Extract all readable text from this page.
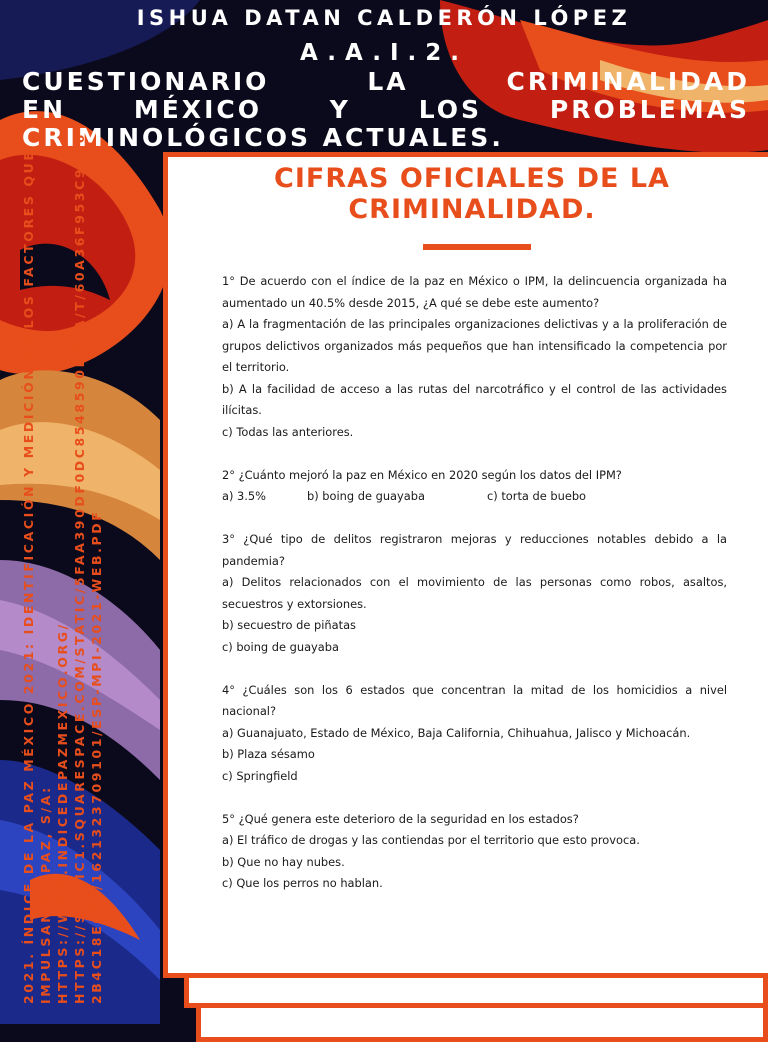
ISHUA DATAN CALDERÓN LÓPEZ
A.A.I.2.
CUESTIONARIO LA CRIMINALIDAD
EN MÉXICO Y LOS PROBLEMAS
CRIMINOLÓGICOS ACTUALES.
2021. ÍNDICE DE LA PAZ MÉXICO 2021: IDENTIFICACIÓN Y MEDICIÓN DE LOS FACTORES QUE IMPULSAN LA PAZ, S/A: HTTPS://WWW.INDICEDEPAZMEXICO.ORG/ HTTPS://STATIC1.SQUARESPACE.COM/STATIC/5FAA390DF0DC8548590D5DA/T/60A36F953C9AF6 2B4C18E6E2/1621323709101/ESP-MPI-2021-WEB.PDF
CIFRAS OFICIALES DE LA
CRIMINALIDAD.

1° De acuerdo con el índice de la paz en México o IPM, la delincuencia organizada ha aumentado un 40.5% desde 2015, ¿A qué se debe este aumento?

a) A la fragmentación de las principales organizaciones delictivas y a la proliferación de grupos delictivos organizados más pequeños que han intensificado la competencia por el territorio.

b) A la facilidad de acceso a las rutas del narcotráfico y el control de las actividades ilícitas.

c) Todas las anteriores.

2° ¿Cuánto mejoró la paz en México en 2020 según los datos del IPM?

a) 3.5%	b) boing de guayaba	c) torta de buebo

3° ¿Qué tipo de delitos registraron mejoras y reducciones notables debido a la pandemia?

a) Delitos relacionados con el movimiento de las personas como robos, asaltos, secuestros y extorsiones.

b) secuestro de piñatas

c) boing de guayaba

4° ¿Cuáles son los 6 estados que concentran la mitad de los homicidios a nivel nacional?

a) Guanajuato, Estado de México, Baja California, Chihuahua, Jalisco y Michoacán.

b) Plaza sésamo

c) Springfield

5° ¿Qué genera este deterioro de la seguridad en los estados?

a) El tráfico de drogas y las contiendas por el territorio que esto provoca.

b) Que no hay nubes.

c) Que los perros no hablan.
